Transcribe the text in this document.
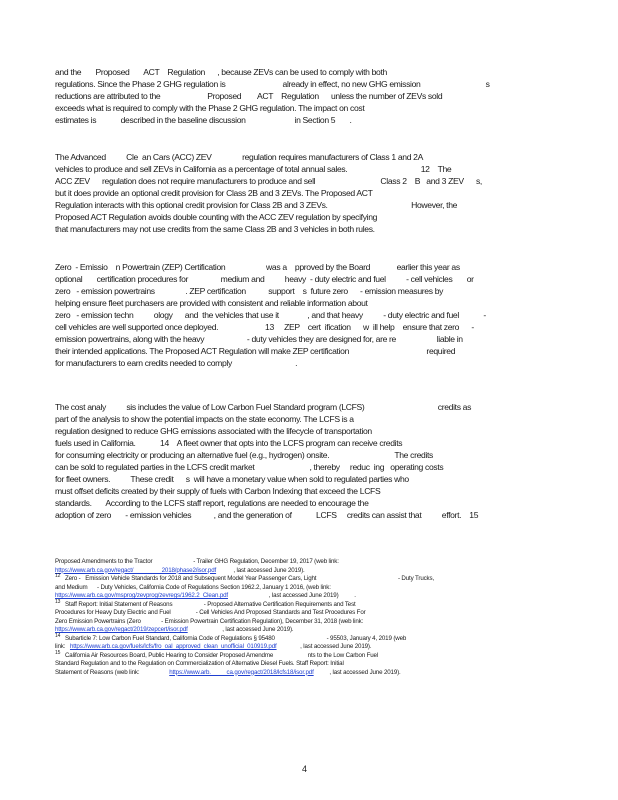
and the       Proposed       ACT    Regulation      , because ZEVs can be used to comply with both
regulations. Since the Phase 2 GHG regulation is                            already in effect, no new GHG emission                                s
reductions are attributed to the                       Proposed        ACT    Regulation      unless the number of ZEVs sold
exceeds what is required to comply with the Phase 2 GHG regulation. The impact on cost
estimates is            described in the baseline discussion                        in Section 5       .
The Advanced          Cle  an Cars (ACC) ZEV               regulation requires manufacturers of Class 1 and 2A
vehicles to produce and sell ZEVs in California as a percentage of total annual sales.                                    12    The
ACC ZEV      regulation does not require manufacturers to produce and sell                                Class 2    B   and 3 ZEV      s,
but it does provide an optional credit provision for Class 2B and 3 ZEVs. The Proposed ACT
Regulation interacts with this optional credit provision for Class 2B and 3 ZEVs.                                         However, the
Proposed ACT Regulation avoids double counting with the ACC ZEV regulation by specifying
that manufacturers may not use credits from the same Class 2B and 3 vehicles in both rules.
Zero  - Emissio    n Powertrain (ZEP) Certification                    was a    pproved by the Board             earlier this year as
optional       certification procedures for                medium and          heavy  - duty electric and fuel          - cell vehicles       or
zero   - emission powertrains               . ZEP certification           support    s  future zero      - emission measures by
helping ensure fleet purchasers are provided with consistent and reliable information about
zero   - emission techn          ology      and  the vehicles that use it              , and that heavy          - duty electric and fuel            -
cell vehicles are well supported once deployed.                       13     ZEP    cert  ification      w  ill help    ensure that zero      -
emission powertrains, along with the heavy                     - duty vehicles they are designed for, are re                    liable in
their intended applications. The Proposed ACT Regulation will make ZEP certification                                      required
for manufacturers to earn credits needed to comply                               .
The cost analy          sis includes the value of Low Carbon Fuel Standard program (LCFS)                                    credits as
part of the analysis to show the potential impacts on the state economy. The LCFS is a
regulation designed to reduce GHG emissions associated with the lifecycle of transportation
fuels used in California.            14    A fleet owner that opts into the LCFS program can receive credits
for consuming electricity or producing an alternative fuel (e.g., hydrogen) onsite.                                The credits
can be sold to regulated parties in the LCFS credit market                           , thereby     reduc  ing   operating costs
for fleet owners.          These credit      s  will have a monetary value when sold to regulated parties who
must offset deficits created by their supply of fuels with Carbon Indexing that exceed the LCFS
standards.       According to the LCFS staff report, regulations are needed to encourage the
adoption of zero       - emission vehicles           , and the generation of            LCFS     credits can assist that          effort.    15
Proposed Amendments to the Tractor                          - Trailer GHG Regulation, December 19, 2017 (web link:
https://www.arb.ca.gov/regact/                  2018/phase2/isor.pdf           , last accessed June 2019).
$^{12}$   Zero -   Emission Vehicle Standards for 2018 and Subsequent Model Year Passenger Cars, Light                                                    - Duty Trucks,
and Medium      - Duty Vehicles, California Code of Regulations Section 1962.2, January 1 2016, (web link:
https://www.arb.ca.gov/msprog/zevprog/zevregs/1962.2_Clean.pdf                          , last accessed June 2019)          .
$^{13}$   Staff Report: Initial Statement of Reasons                    - Proposed Alternative Certification Requirements and Test
Procedures for Heavy Duty Electric and Fuel                - Cell Vehicles And Proposed Standards and Test Procedures For
Zero Emission Powertrains (Zero             - Emission Powertrain Certification Regulation), December 31, 2018 (web link:
https://www.arb.ca.gov/regact/2019/zepcert/isor.pdf                      , last accessed June 2019).
$^{14}$   Subarticle 7: Low Carbon Fuel Standard, California Code of Regulations § 95480                                 - 95503, January 4, 2019 (web
link:   https://www.arb.ca.gov/fuels/lcfs/fro_oal_approved_clean_unofficial_010919.pdf               , last accessed June 2019).
$^{15}$   California Air Resources Board, Public Hearing to Consider Proposed Amendme                      nts to the Low Carbon Fuel
Standard Regulation and to the Regulation on Commercialization of Alternative Diesel Fuels. Staff Report: Initial
Statement of Reasons (web link:                   https://www.arb.          ca.gov/regact/2018/lcfs18/isor.pdf          , last accessed June 2019).
4
